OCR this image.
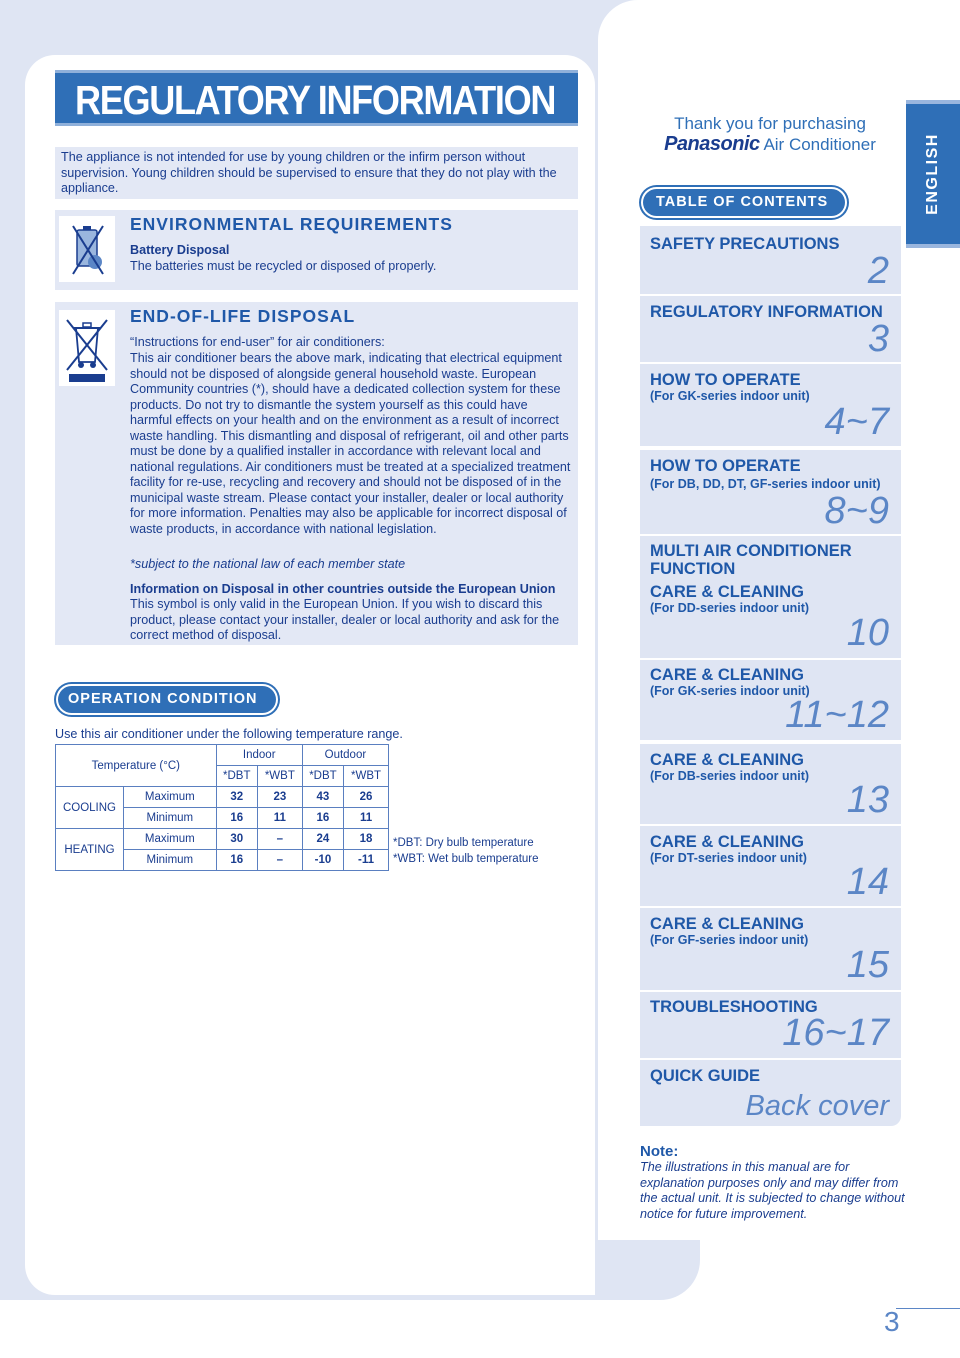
REGULATORY INFORMATION
The appliance is not intended for use by young children or the infirm person without supervision. Young children should be supervised to ensure that they do not play with the appliance.
ENVIRONMENTAL REQUIREMENTS
Battery Disposal
The batteries must be recycled or disposed of properly.
END-OF-LIFE DISPOSAL
“Instructions for end-user” for air conditioners:
This air conditioner bears the above mark, indicating that electrical equipment should not be disposed of alongside general household waste. European Community countries (*), should have a dedicated collection system for these products. Do not try to dismantle the system yourself as this could have harmful effects on your health and on the environment as a result of incorrect waste handling. This dismantling and disposal of refrigerant, oil and other parts must be done by a qualified installer in accordance with relevant local and national regulations. Air conditioners must be treated at a specialized treatment facility for re-use, recycling and recovery and should not be disposed of in the municipal waste stream. Please contact your installer, dealer or local authority for more information. Penalties may also be applicable for incorrect disposal of waste products, in accordance with national legislation.
*subject to the national law of each member state
Information on Disposal in other countries outside the European Union
This symbol is only valid in the European Union. If you wish to discard this product, please contact your installer, dealer or local authority and ask for the correct method of disposal.
OPERATION CONDITION
Use this air conditioner under the following temperature range.
Temperature (°C)		Indoor		Outdoor	
		*DBT	*WBT	*DBT	*WBT
COOLING	Maximum	32	23	43	26
	Minimum	16	11	16	11
HEATING	Maximum	30	–	24	18
	Minimum	16	–	-10	-11
*DBT: Dry bulb temperature
*WBT: Wet bulb temperature
Thank you for purchasing
Panasonic Air Conditioner
TABLE OF CONTENTS	ENGLISH
SAFETY PRECAUTIONS
2
REGULATORY INFORMATION
3
HOW TO OPERATE
(For GK-series indoor unit)
4~7
HOW TO OPERATE
(For DB, DD, DT, GF-series indoor unit)
8~9
MULTI AIR CONDITIONER
FUNCTION
CARE & CLEANING
(For DD-series indoor unit)
10
CARE & CLEANING
(For GK-series indoor unit)
11~12
CARE & CLEANING
(For DB-series indoor unit)
13
CARE & CLEANING
(For DT-series indoor unit)
14
CARE & CLEANING
(For GF-series indoor unit)
15
TROUBLESHOOTING
16~17
QUICK GUIDE
Back cover
Note:
The illustrations in this manual are for explanation purposes only and may differ from the actual unit. It is subjected to change without notice for future improvement.
3
